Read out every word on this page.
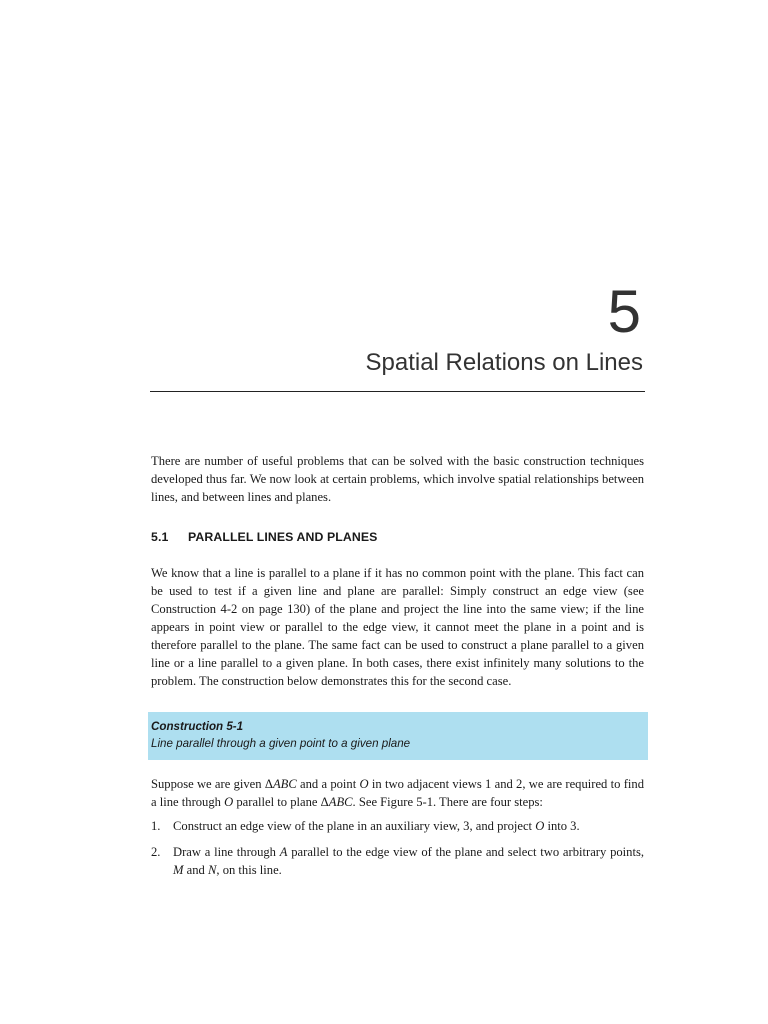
5
Spatial Relations on Lines

There are number of useful problems that can be solved with the basic construction techniques developed thus far. We now look at certain problems, which involve spatial relationships between lines, and between lines and planes.

5.1 PARALLEL LINES AND PLANES

We know that a line is parallel to a plane if it has no common point with the plane. This fact can be used to test if a given line and plane are parallel: Simply construct an edge view (see Construction 4-2 on page 130) of the plane and project the line into the same view; if the line appears in point view or parallel to the edge view, it cannot meet the plane in a point and is therefore parallel to the plane. The same fact can be used to construct a plane parallel to a given line or a line parallel to a given plane. In both cases, there exist infinitely many solutions to the problem. The construction below demonstrates this for the second case.

Construction 5-1
Line parallel through a given point to a given plane

Suppose we are given ΔABC and a point O in two adjacent views 1 and 2, we are required to find a line through O parallel to plane ΔABC. See Figure 5-1. There are four steps:

1. Construct an edge view of the plane in an auxiliary view, 3, and project O into 3.
2. Draw a line through A parallel to the edge view of the plane and select two arbitrary points, M and N, on this line.
